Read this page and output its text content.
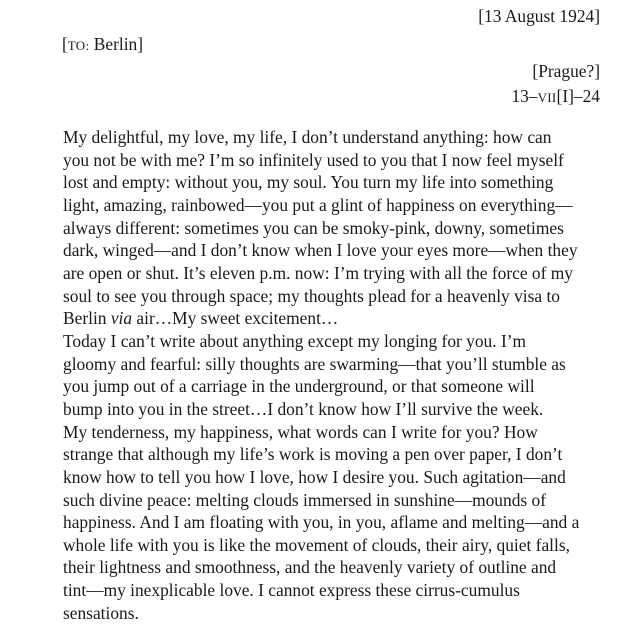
[13 August 1924]
[TO: Berlin]
[Prague?]
13–VII[I]–24

My delightful, my love, my life, I don’t understand anything: how can
you not be with me? I’m so infinitely used to you that I now feel myself
lost and empty: without you, my soul. You turn my life into something
light, amazing, rainbowed—you put a glint of happiness on everything—
always different: sometimes you can be smoky-pink, downy, sometimes
dark, winged—and I don’t know when I love your eyes more—when they
are open or shut. It’s eleven p.m. now: I’m trying with all the force of my
soul to see you through space; my thoughts plead for a heavenly visa to
Berlin via air…My sweet excitement…

Today I can’t write about anything except my longing for you. I’m
gloomy and fearful: silly thoughts are swarming—that you’ll stumble as
you jump out of a carriage in the underground, or that someone will
bump into you in the street…I don’t know how I’ll survive the week.

My tenderness, my happiness, what words can I write for you? How
strange that although my life’s work is moving a pen over paper, I don’t
know how to tell you how I love, how I desire you. Such agitation—and
such divine peace: melting clouds immersed in sunshine—mounds of
happiness. And I am floating with you, in you, aflame and melting—and a
whole life with you is like the movement of clouds, their airy, quiet falls,
their lightness and smoothness, and the heavenly variety of outline and
tint—my inexplicable love. I cannot express these cirrus-cumulus
sensations.
